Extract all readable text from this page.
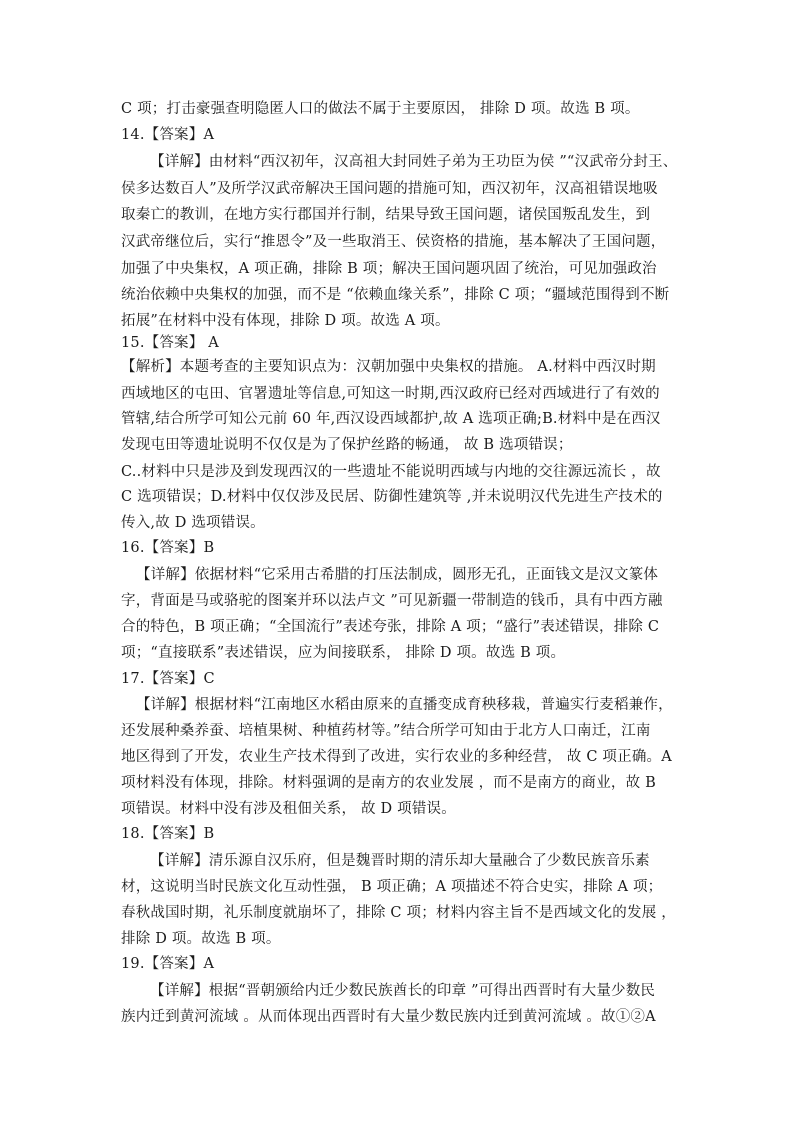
C 项；打击豪强查明隐匿人口的做法不属于主要原因， 排除 D 项。故选 B 项。
14.【答案】A
【详解】由材料“西汉初年，汉高祖大封同姓子弟为王功臣为侯 ”“汉武帝分封王、
侯多达数百人”及所学汉武帝解决王国问题的措施可知，西汉初年，汉高祖错误地吸
取秦亡的教训，在地方实行郡国并行制，结果导致王国问题，诸侯国叛乱发生，到
汉武帝继位后，实行“推恩令”及一些取消王、侯资格的措施，基本解决了王国问题，
加强了中央集权，A 项正确，排除 B 项；解决王国问题巩固了统治，可见加强政治
统治依赖中央集权的加强，而不是 “依赖血缘关系”，排除 C 项；“疆域范围得到不断
拓展”在材料中没有体现，排除 D 项。故选 A 项。
15.【答案】 A
【解析】本题考查的主要知识点为：汉朝加强中央集权的措施。 A.材料中西汉时期
西域地区的屯田、官署遗址等信息,可知这一时期,西汉政府已经对西域进行了有效的
管辖,结合所学可知公元前 60 年,西汉设西域都护,故 A 选项正确;B.材料中是在西汉
发现屯田等遗址说明不仅仅是为了保护丝路的畅通， 故 B 选项错误；
C..材料中只是涉及到发现西汉的一些遗址不能说明西域与内地的交往源远流长 ，故
C 选项错误；D.材料中仅仅涉及民居、防御性建筑等 ,并未说明汉代先进生产技术的
传入,故 D 选项错误。
16.【答案】B
【详解】依据材料“它采用古希腊的打压法制成，圆形无孔，正面钱文是汉文篆体
字，背面是马或骆驼的图案并环以法卢文 ”可见新疆一带制造的钱币，具有中西方融
合的特色，B 项正确；“全国流行”表述夸张，排除 A 项；“盛行”表述错误，排除 C
项；“直接联系”表述错误，应为间接联系， 排除 D 项。故选 B 项。
17.【答案】C
【详解】根据材料“江南地区水稻由原来的直播变成育秧移栽，普遍实行麦稻兼作，
还发展种桑养蚕、培植果树、种植药材等。”结合所学可知由于北方人口南迁，江南
地区得到了开发，农业生产技术得到了改进，实行农业的多种经营， 故 C 项正确。A
项材料没有体现，排除。材料强调的是南方的农业发展 ，而不是南方的商业，故 B
项错误。材料中没有涉及租佃关系， 故 D 项错误。
18.【答案】B
【详解】清乐源自汉乐府，但是魏晋时期的清乐却大量融合了少数民族音乐素
材，这说明当时民族文化互动性强， B 项正确；A 项描述不符合史实，排除 A 项；
春秋战国时期，礼乐制度就崩坏了，排除 C 项；材料内容主旨不是西域文化的发展 ，
排除 D 项。故选 B 项。
19.【答案】A
【详解】根据“晋朝颁给内迁少数民族酋长的印章 ”可得出西晋时有大量少数民
族内迁到黄河流域 。从而体现出西晋时有大量少数民族内迁到黄河流域 。故①②A
